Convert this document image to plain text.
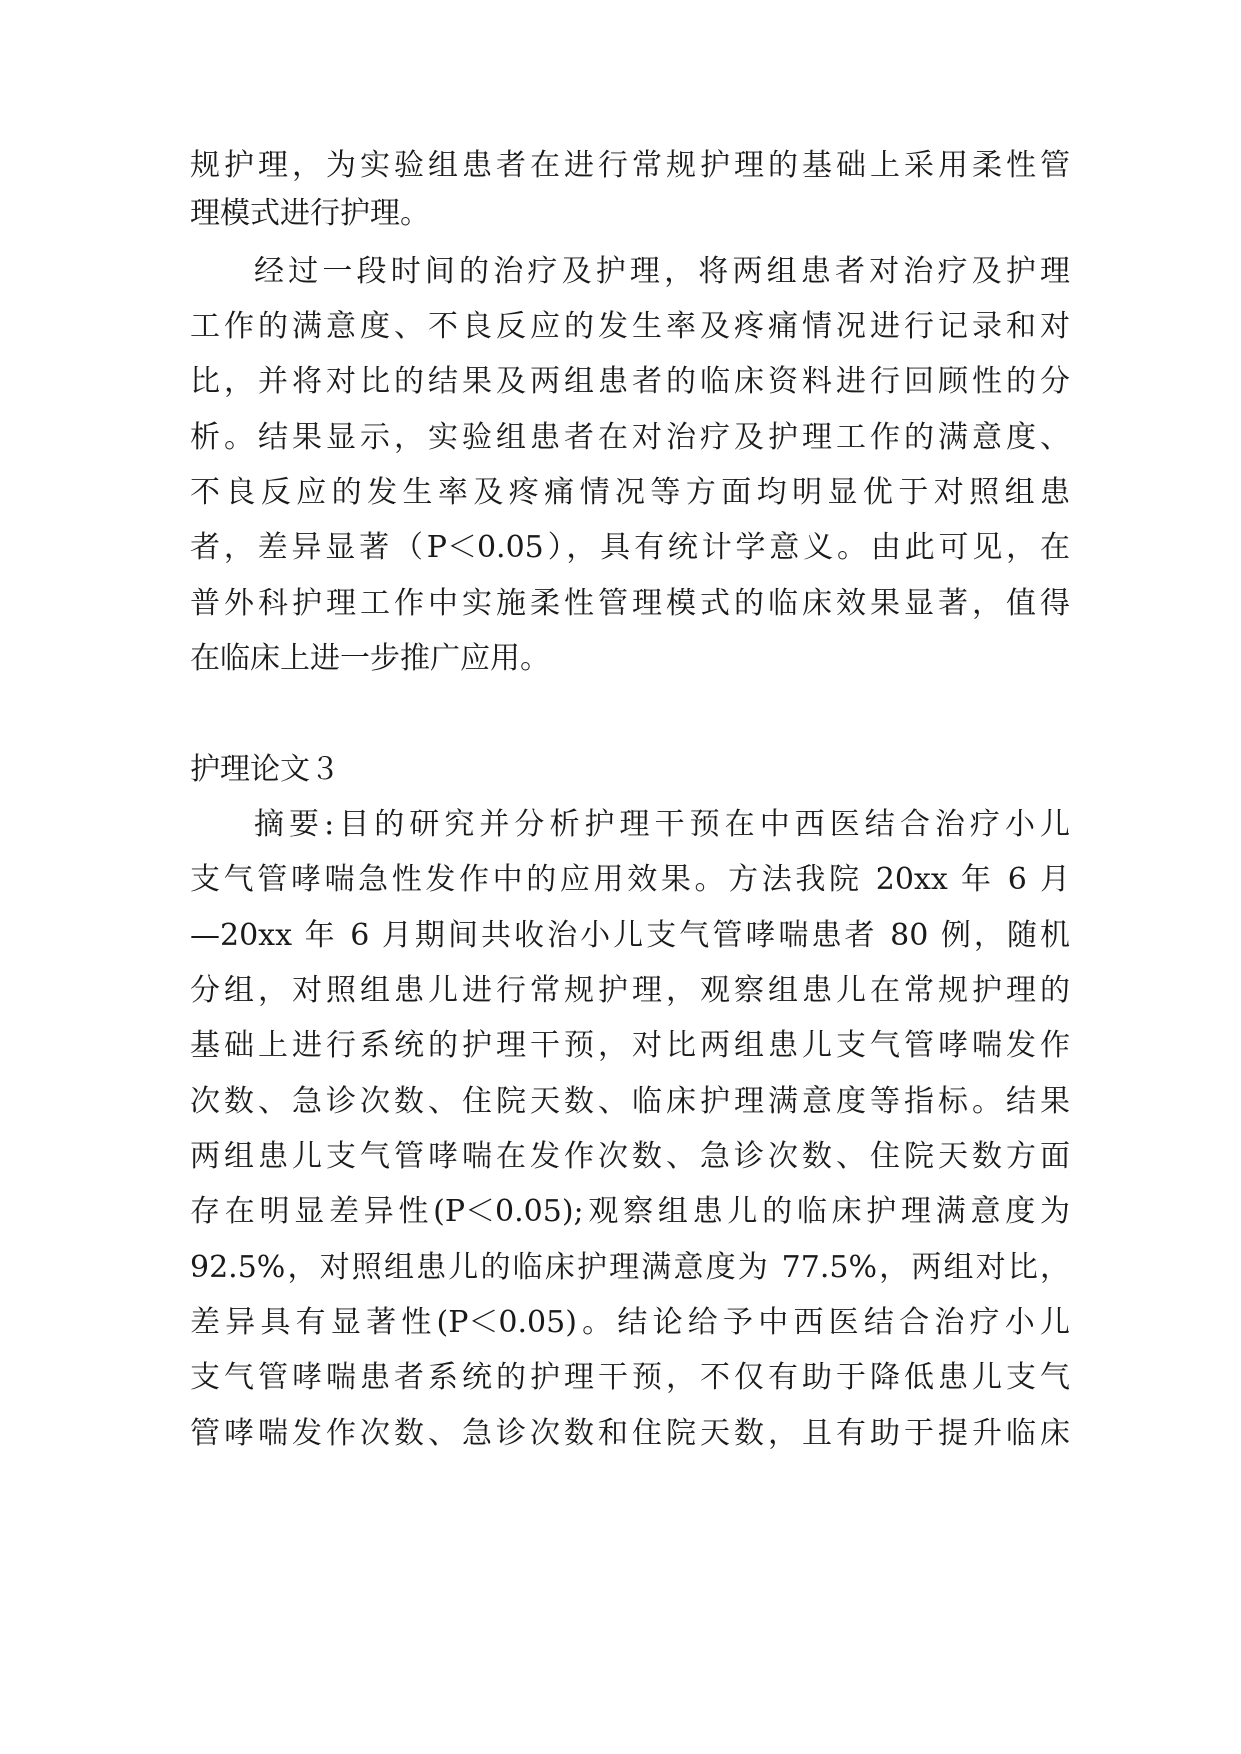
规护理，为实验组患者在进行常规护理的基础上采用柔性管

理模式进行护理。

经过一段时间的治疗及护理，将两组患者对治疗及护理

工作的满意度、不良反应的发生率及疼痛情况进行记录和对

比，并将对比的结果及两组患者的临床资料进行回顾性的分

析。结果显示，实验组患者在对治疗及护理工作的满意度、

不良反应的发生率及疼痛情况等方面均明显优于对照组患

者，差异显著（P＜0.05），具有统计学意义。由此可见，在

普外科护理工作中实施柔性管理模式的临床效果显著，值得

在临床上进一步推广应用。

护理论文３

摘要:目的研究并分析护理干预在中西医结合治疗小儿

支气管哮喘急性发作中的应用效果。方法我院 20xx 年 6 月

—20xx 年 6 月期间共收治小儿支气管哮喘患者 80 例，随机

分组，对照组患儿进行常规护理，观察组患儿在常规护理的

基础上进行系统的护理干预，对比两组患儿支气管哮喘发作

次数、急诊次数、住院天数、临床护理满意度等指标。结果

两组患儿支气管哮喘在发作次数、急诊次数、住院天数方面

存在明显差异性(P＜0.05);观察组患儿的临床护理满意度为

92.5%，对照组患儿的临床护理满意度为 77.5%，两组对比，

差异具有显著性(P＜0.05)。结论给予中西医结合治疗小儿

支气管哮喘患者系统的护理干预，不仅有助于降低患儿支气

管哮喘发作次数、急诊次数和住院天数，且有助于提升临床
